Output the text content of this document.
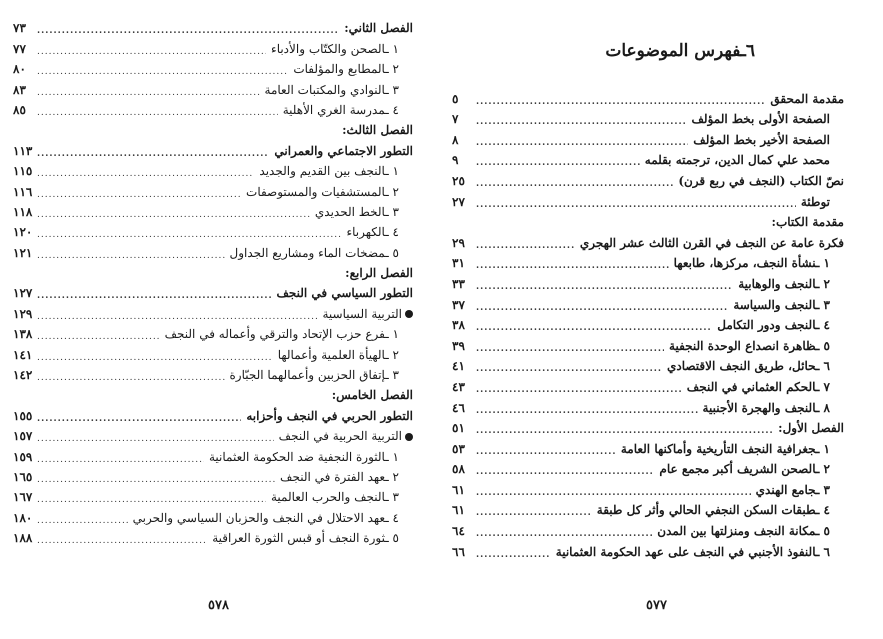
الفصل الثاني:
.....
٧٣
١ ـالصحن والكتّاب والأدباء
.....
٧٧
٢ ـالمطابع والمؤلفات
.....
٨٠
٣ ـالنوادي والمكتبات العامة
.....
٨٣
٤ ـمدرسة الغري الأهلية
.....
٨٥
الفصل الثالث:
التطور الاجتماعي والعمراني
.....
١١٣
١ ـالنجف بين القديم والجديد
.....
١١٥
٢ ـالمستشفيات والمستوصفات
.....
١١٦
٣ ـالخط الحديدي
.....
١١٨
٤ ـالكهرباء
.....
١٢٠
٥ ـمضخات الماء ومشاريع الجداول
.....
١٢١
الفصل الرابع:
التطور السياسي في النجف
.....
١٢٧
التربية السياسية
.....
١٢٩
١ ـفرع حزب الإتحاد والترقي وأعماله في النجف
.....
١٣٨
٢ ـالهيأة العلمية وأعمالها
.....
١٤١
٣ ـإتفاق الحزبين وأعمالهما الجبّارة
.....
١٤٢
الفصل الخامس:
التطور الحربي في النجف وأحزابه
.....
١٥٥
التربية الحربية في النجف
.....
١٥٧
١ ـالثورة النجفية ضد الحكومة العثمانية
.....
١٥٩
٢ ـعهد الفترة في النجف
.....
١٦٥
٣ ـالنجف والحرب العالمية
.....
١٦٧
٤ ـعهد الاحتلال في النجف والحزبان السياسي والحربي
.....
١٨٠
٥ ـثورة النجف أو قبس الثورة العراقية
.....
١٨٨
٥٧٨
٦ـفهرس الموضوعات
مقدمة المحقق
.....
٥
الصفحة الأولى بخط المؤلف
.....
٧
الصفحة الأخير بخط المؤلف
.....
٨
محمد علي كمال الدين، ترجمته بقلمه
.....
٩
نصّ الكتاب (النجف في ربع قرن)
.....
٢٥
توطئة
.....
٢٧
مقدمة الكتاب:
فكرة عامة عن النجف في القرن الثالث عشر الهجري
.....
٢٩
١ ـنشأة النجف، مركزها، طابعها
.....
٣١
٢ ـالنجف والوهابية
.....
٣٣
٣ ـالنجف والسياسة
.....
٣٧
٤ ـالنجف ودور التكامل
.....
٣٨
٥ ـظاهرة انصداع الوحدة النجفية
.....
٣٩
٦ ـحائل، طريق النجف الاقتصادي
.....
٤١
٧ ـالحكم العثماني في النجف
.....
٤٣
٨ ـالنجف والهجرة الأجنبية
.....
٤٦
الفصل الأول:
.....
٥١
١ ـجغرافية النجف التأريخية وأماكنها العامة
.....
٥٣
٢ ـالصحن الشريف أكبر مجمع عام
.....
٥٨
٣ ـجامع الهندي
.....
٦١
٤ ـطبقات السكن النجفي الحالي وأثر كل طبقة
.....
٦١
٥ ـمكانة النجف ومنزلتها بين المدن
.....
٦٤
٦ ـالنفوذ الأجنبي في النجف على عهد الحكومة العثمانية
.....
٦٦
٥٧٧
